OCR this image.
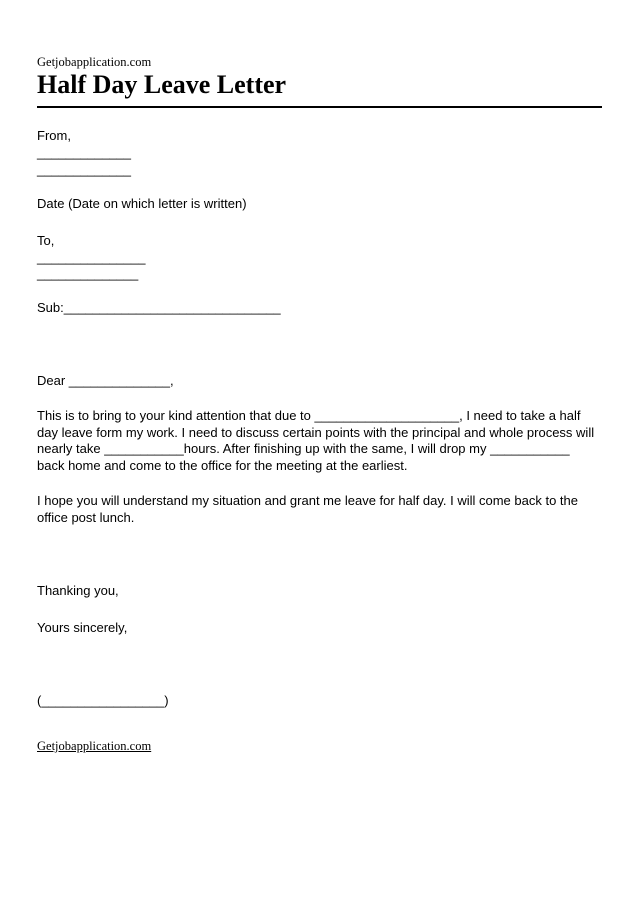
Getjobapplication.com
Half Day Leave Letter
From,
_____________
_____________
Date (Date on which letter is written)
To,
_______________
______________
Sub:______________________________
Dear ______________,
This is to bring to your kind attention that due to ____________________, I need to take a half day leave form my work. I need to discuss certain points with the principal and whole process will nearly take ___________hours. After finishing up with the same, I will drop my ___________ back home and come to the office for the meeting at the earliest.
I hope you will understand my situation and grant me leave for half day. I will come back to the office post lunch.
Thanking you,
Yours sincerely,
(_________________)
Getjobapplication.com
